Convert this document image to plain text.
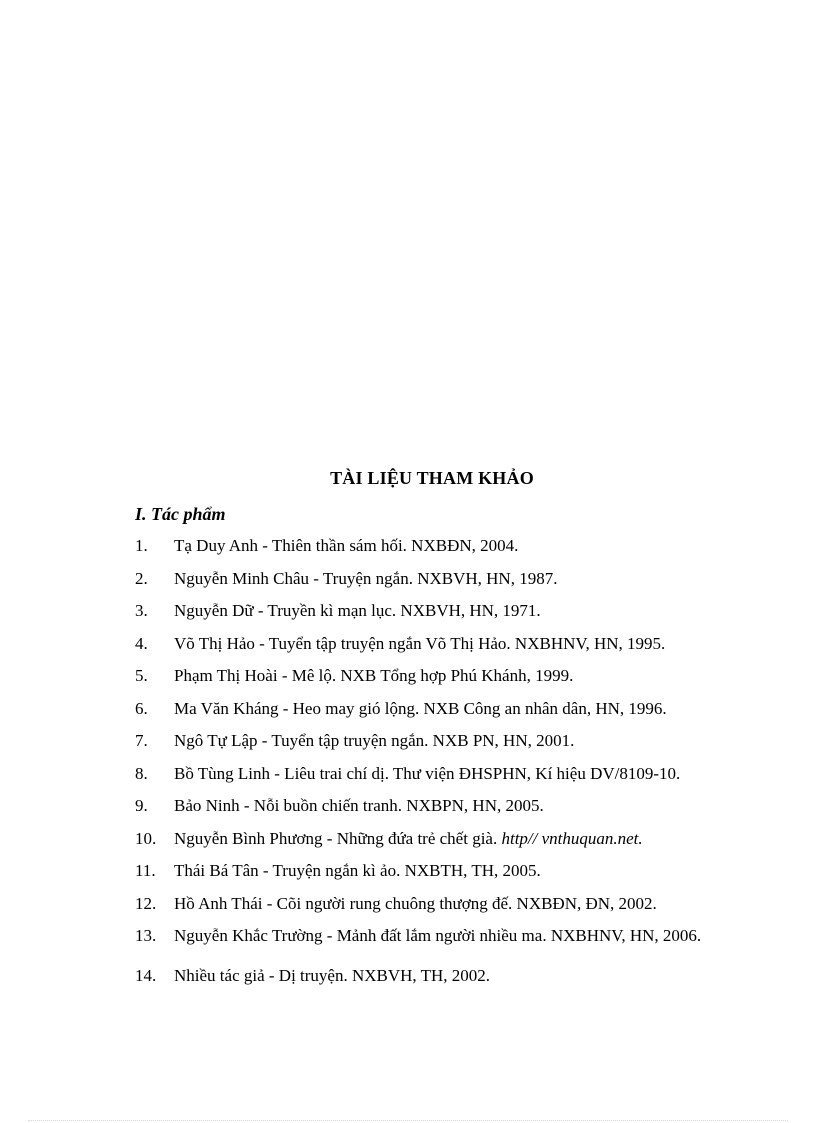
TÀI LIỆU THAM KHẢO
I. Tác phẩm
1.	Tạ Duy Anh - Thiên thần sám hối. NXBĐN, 2004.
2.	Nguyễn Minh Châu - Truyện ngắn. NXBVH, HN, 1987.
3.	Nguyễn Dữ - Truyền kì mạn lục. NXBVH, HN, 1971.
4.	Võ Thị Hảo - Tuyển tập truyện ngắn Võ Thị Hảo. NXBHNV, HN, 1995.
5.	Phạm Thị Hoài - Mê lộ. NXB Tổng hợp Phú Khánh, 1999.
6.	Ma Văn Kháng - Heo may gió lộng. NXB Công an nhân dân, HN, 1996.
7.	Ngô Tự Lập - Tuyển tập truyện ngắn. NXB PN, HN, 2001.
8.	Bồ Tùng Linh - Liêu trai chí dị. Thư viện ĐHSPHN, Kí hiệu DV/8109-10.
9.	Bảo Ninh - Nỗi buồn chiến tranh. NXBPN, HN, 2005.
10.	Nguyễn Bình Phương - Những đứa trẻ chết già. http// vnthuquan.net.
11.	Thái Bá Tân - Truyện ngắn kì ảo. NXBTH, TH, 2005.
12.	Hồ Anh Thái - Cõi người rung chuông thượng đế. NXBĐN, ĐN, 2002.
13.	Nguyễn Khắc Trường - Mảnh đất lắm người nhiều ma. NXBHNV, HN, 2006.
14.	Nhiều tác giả - Dị truyện. NXBVH, TH, 2002.
